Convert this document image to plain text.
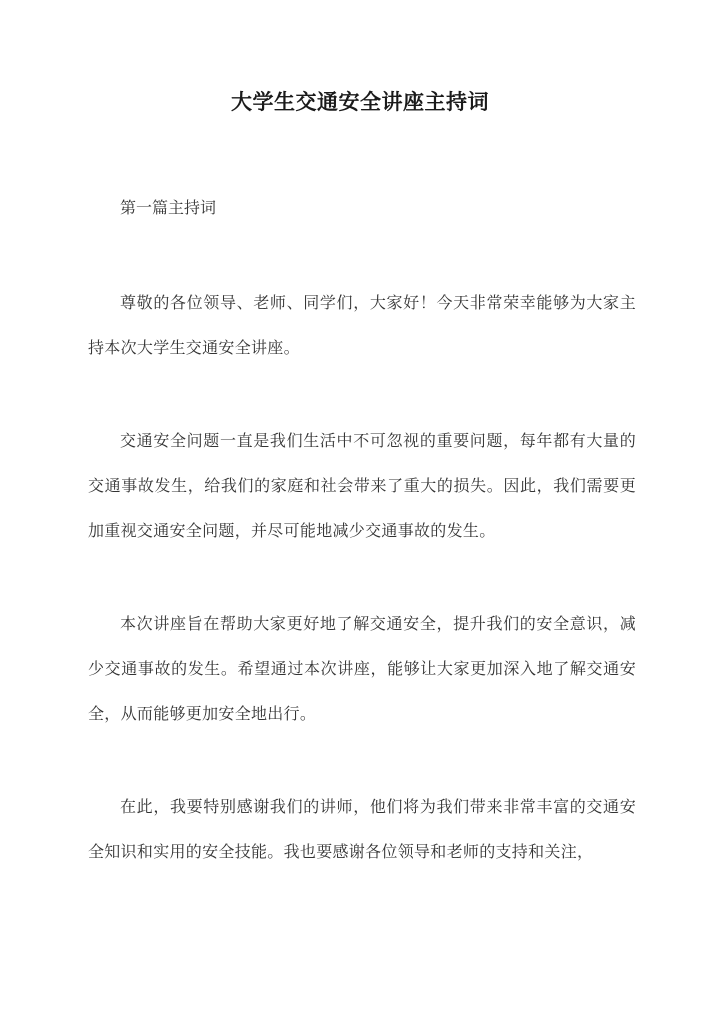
大学生交通安全讲座主持词
第一篇主持词

尊敬的各位领导、老师、同学们，大家好！今天非常荣幸能够为大家主持本次大学生交通安全讲座。

交通安全问题一直是我们生活中不可忽视的重要问题，每年都有大量的交通事故发生，给我们的家庭和社会带来了重大的损失。因此，我们需要更加重视交通安全问题，并尽可能地减少交通事故的发生。

本次讲座旨在帮助大家更好地了解交通安全，提升我们的安全意识，减少交通事故的发生。希望通过本次讲座，能够让大家更加深入地了解交通安全，从而能够更加安全地出行。

在此，我要特别感谢我们的讲师，他们将为我们带来非常丰富的交通安全知识和实用的安全技能。我也要感谢各位领导和老师的支持和关注，
